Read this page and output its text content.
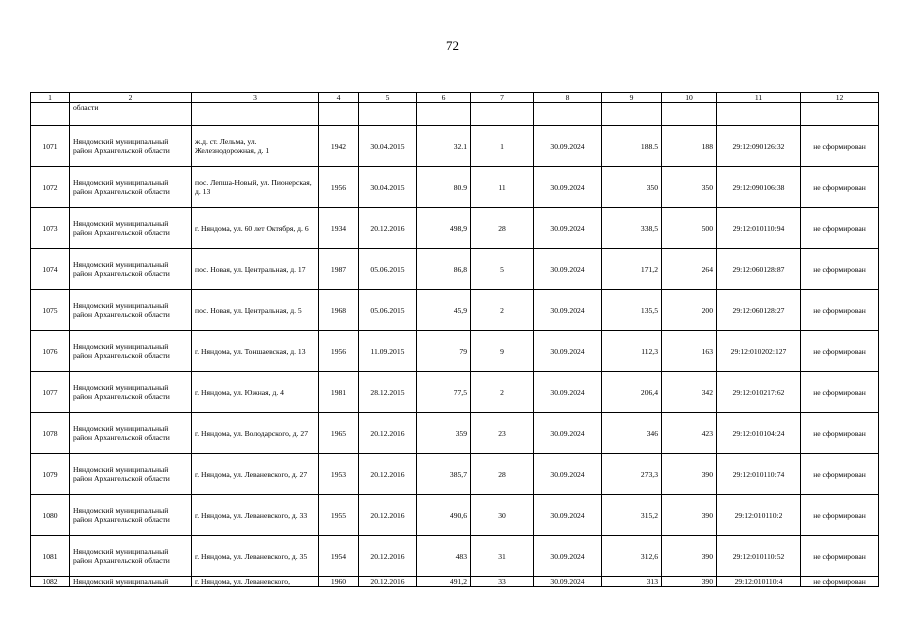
72
1	2	3	4	5	6	7	8	9	10	11	12
	области										
1071	Няндомский муниципальный район Архангельской области	ж.д. ст. Лельма, ул. Железнодорожная, д. 1	1942	30.04.2015	32.1	1	30.09.2024	188.5	188	29:12:090126:32	не сформирован
1072	Няндомский муниципальный район Архангельской области	пос. Лепша-Новый, ул. Пионерская, д. 13	1956	30.04.2015	80.9	11	30.09.2024	350	350	29:12:090106:38	не сформирован
1073	Няндомский муниципальный район Архангельской области	г. Няндома, ул. 60 лет Октября, д. 6	1934	20.12.2016	498,9	28	30.09.2024	338,5	500	29:12:010110:94	не сформирован
1074	Няндомский муниципальный район Архангельской области	пос. Новая, ул. Центральная, д. 17	1987	05.06.2015	86,8	5	30.09.2024	171,2	264	29:12:060128:87	не сформирован
1075	Няндомский муниципальный район Архангельской области	пос. Новая, ул. Центральная, д. 5	1968	05.06.2015	45,9	2	30.09.2024	135,5	200	29:12:060128:27	не сформирован
1076	Няндомский муниципальный район Архангельской области	г. Няндома, ул. Тоншаевская, д. 13	1956	11.09.2015	79	9	30.09.2024	112,3	163	29:12:010202:127	не сформирован
1077	Няндомский муниципальный район Архангельской области	г. Няндома, ул. Южная, д. 4	1981	28.12.2015	77,5	2	30.09.2024	206,4	342	29:12:010217:62	не сформирован
1078	Няндомский муниципальный район Архангельской области	г. Няндома, ул. Володарского, д. 27	1965	20.12.2016	359	23	30.09.2024	346	423	29:12:010104:24	не сформирован
1079	Няндомский муниципальный район Архангельской области	г. Няндома, ул. Леваневского, д. 27	1953	20.12.2016	385,7	28	30.09.2024	273,3	390	29:12:010110:74	не сформирован
1080	Няндомский муниципальный район Архангельской области	г. Няндома, ул. Леваневского, д. 33	1955	20.12.2016	490,6	30	30.09.2024	315,2	390	29:12:010110:2	не сформирован
1081	Няндомский муниципальный район Архангельской области	г. Няндома, ул. Леваневского, д. 35	1954	20.12.2016	483	31	30.09.2024	312,6	390	29:12:010110:52	не сформирован
1082	Няндомский муниципальный	г. Няндома, ул. Леваневского,	1960	20.12.2016	491,2	33	30.09.2024	313	390	29:12:010110:4	не сформирован
